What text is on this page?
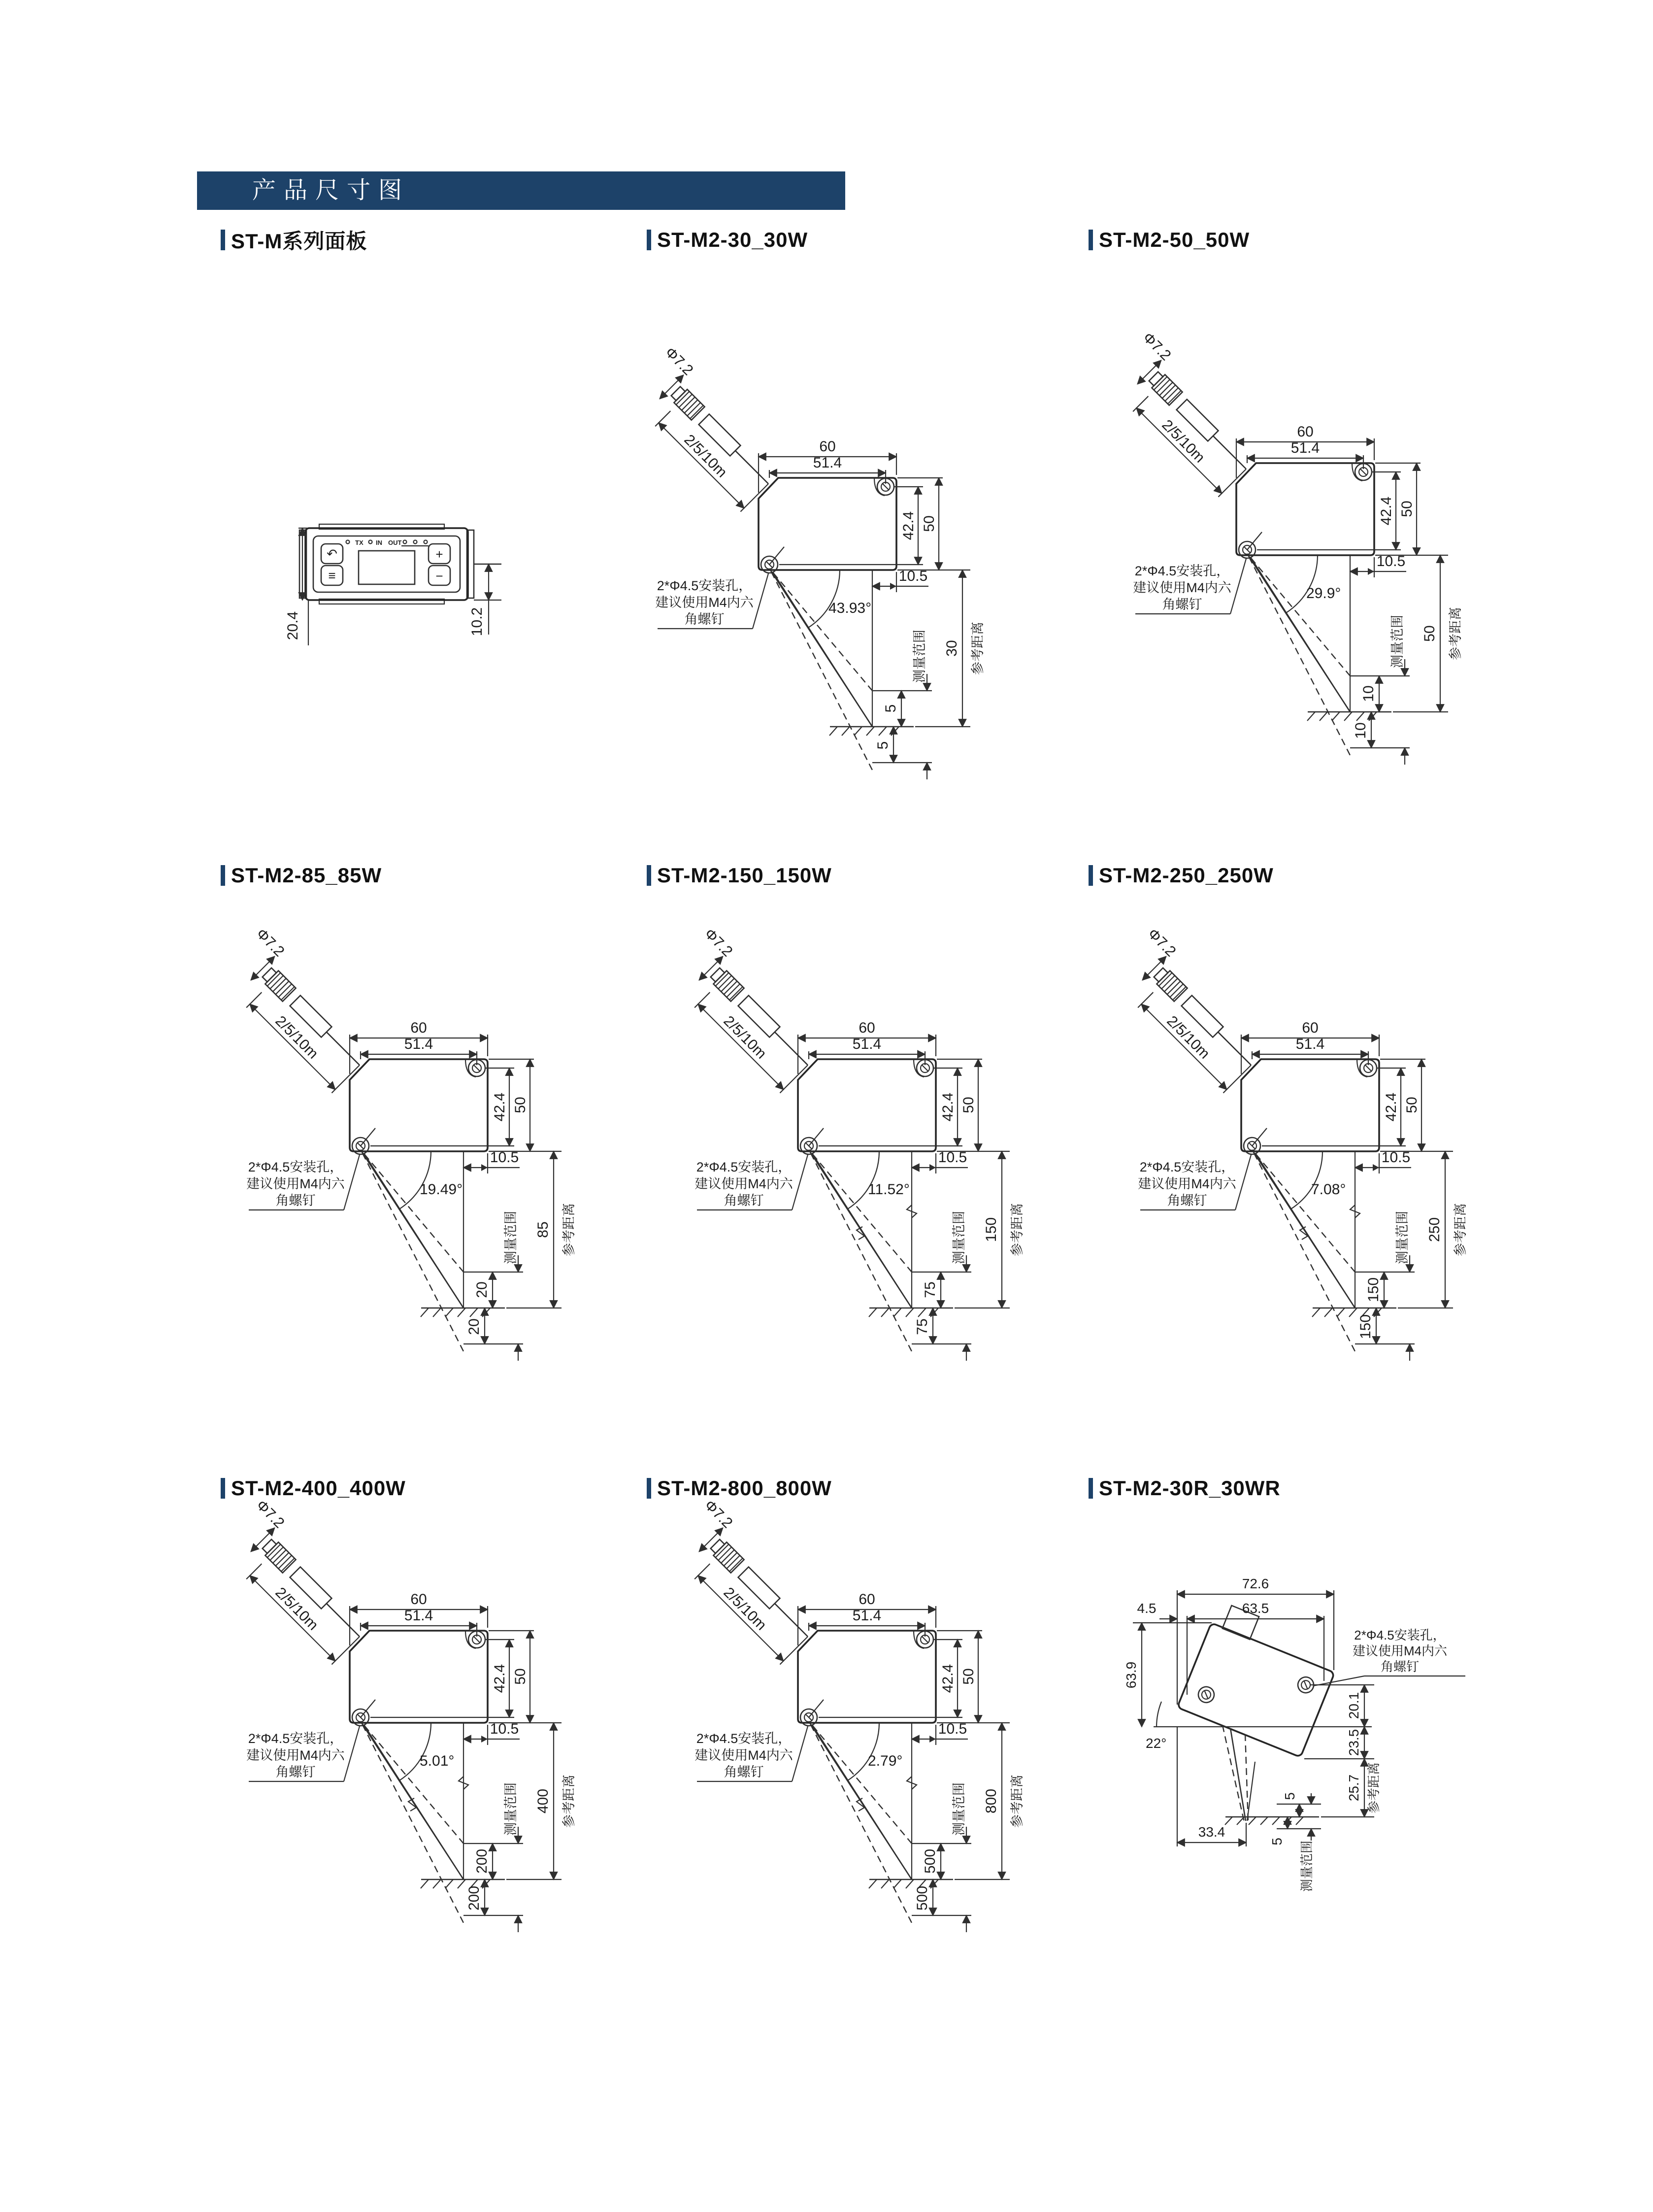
产品尺寸图
ST-M系列面板	ST-M2-30_30W	ST-M2-50_50W
ST-M2-85_85W	ST-M2-150_150W	ST-M2-250_250W
ST-M2-400_400W	ST-M2-800_800W	ST-M2-30R_30WR
↶
≡
+
−
TX IN OUT
10.2
20.4
Φ7.2
2/5/10m	60
51.4
42.4 50
10.5
43.93°
5
5
测量范围 30 参考距离
2*Φ4.5安装孔，
建议使用M4内六
角螺钉
Φ7.2
2/5/10m	60
51.4
42.4 50
10.5
29.9°
10
10
测量范围 50 参考距离
2*Φ4.5安装孔，
建议使用M4内六
角螺钉
Φ7.2
2/5/10m	60
51.4
42.4 50
10.5
19.49°
20
20
测量范围 85 参考距离
2*Φ4.5安装孔，
建议使用M4内六
角螺钉
Φ7.2
2/5/10m	60
51.4
42.4 50
10.5
11.52°
75
75
测量范围 150 参考距离
2*Φ4.5安装孔，
建议使用M4内六
角螺钉
Φ7.2
2/5/10m	60
51.4
42.4 50
10.5
7.08°
150
150
测量范围 250 参考距离
2*Φ4.5安装孔，
建议使用M4内六
角螺钉
Φ7.2
2/5/10m	60
51.4
42.4 50
10.5
5.01°
200
200
测量范围 400 参考距离
2*Φ4.5安装孔，
建议使用M4内六
角螺钉
Φ7.2
2/5/10m	60
51.4
42.4 50
10.5
2.79°
500
500
测量范围 800 参考距离
2*Φ4.5安装孔，
建议使用M4内六
角螺钉
72.6
4.5	63.5
63.9
22°
20.1
23.5
25.7 参考距离
33.4
5
5 测量范围
2*Φ4.5安装孔，
建议使用M4内六
角螺钉
